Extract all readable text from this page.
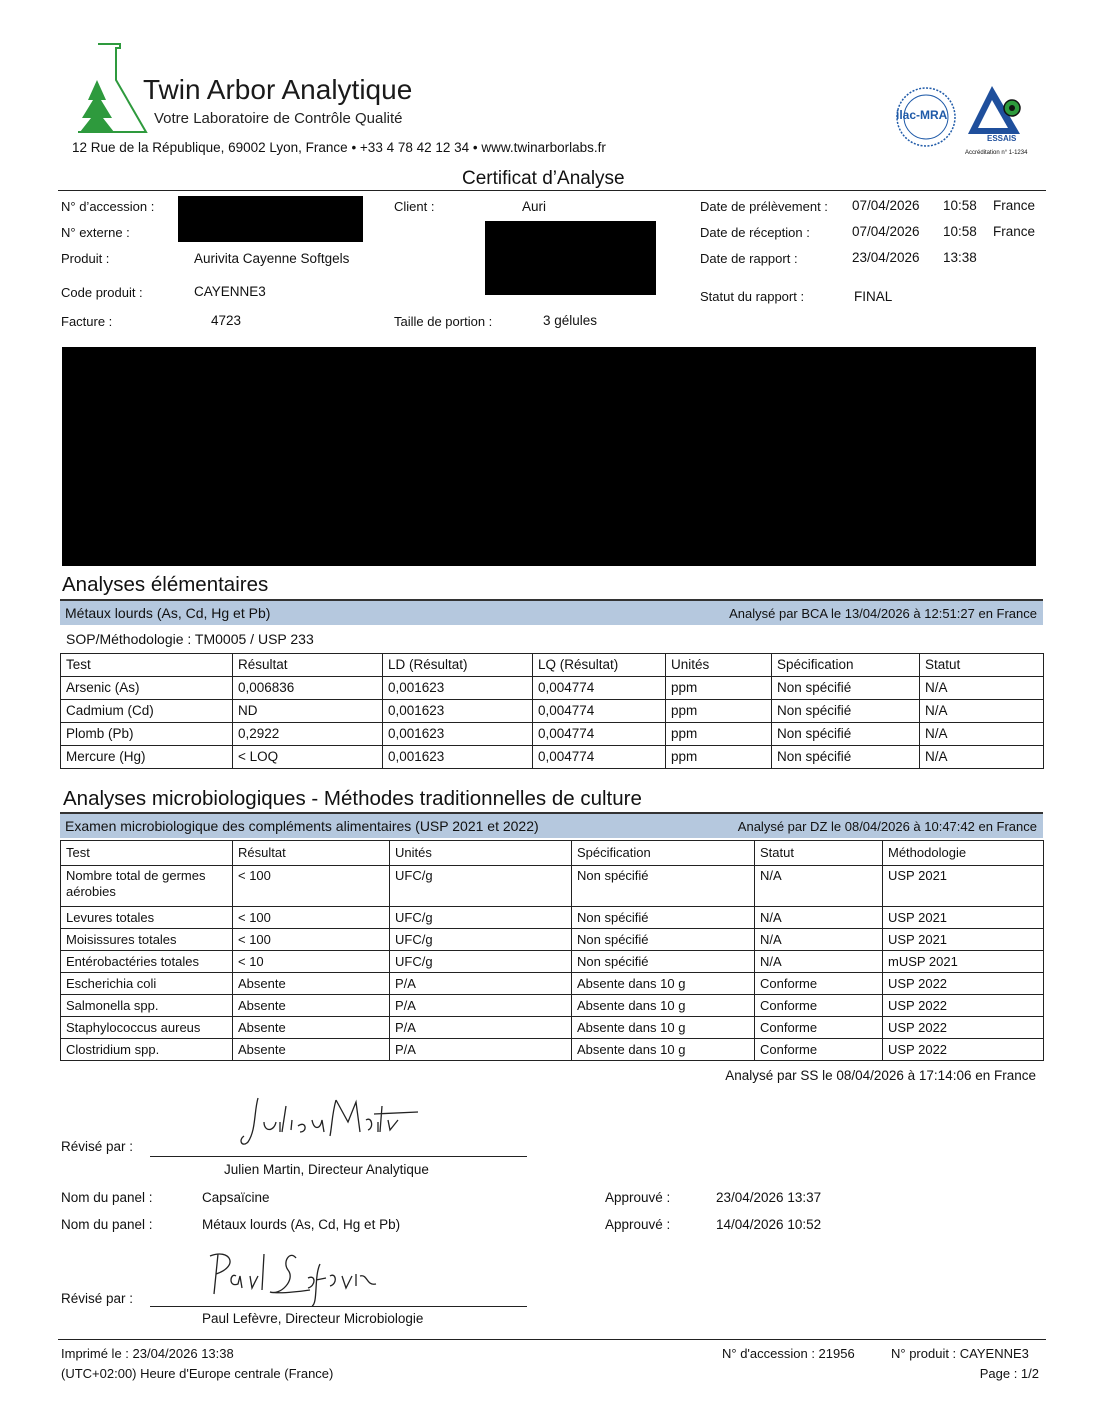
Twin Arbor Analytique
Votre Laboratoire de Contrôle Qualité
12 Rue de la République, 69002 Lyon, France • +33 4 78 42 12 34 • www.twinarborlabs.fr
ilac-MRA
ESSAIS
Accréditation n° 1-1234
Certificat d’Analyse
N° d’accession :
N° externe :
Produit :	Aurivita Cayenne Softgels
Code produit :	CAYENNE3
Facture :	4723
Client :	Auri
Taille de portion :	3 gélules
Date de prélèvement : 07/04/2026 10:58 France
Date de réception :	07/04/2026 10:58 France
Date de rapport :	23/04/2026 13:38
Statut du rapport :	FINAL
Analyses élémentaires
Métaux lourds (As, Cd, Hg et Pb)	Analysé par BCA le 13/04/2026 à 12:51:27 en France
SOP/Méthodologie : TM0005 / USP 233
Test	Résultat	LD (Résultat)	LQ (Résultat)	Unités	Spécification	Statut
Arsenic (As)	0,006836	0,001623	0,004774	ppm	Non spécifié	N/A
Cadmium (Cd)	ND	0,001623	0,004774	ppm	Non spécifié	N/A
Plomb (Pb)	0,2922	0,001623	0,004774	ppm	Non spécifié	N/A
Mercure (Hg)	< LOQ	0,001623	0,004774	ppm	Non spécifié	N/A
Analyses microbiologiques - Méthodes traditionnelles de culture
Examen microbiologique des compléments alimentaires (USP 2021 et 2022)	Analysé par DZ le 08/04/2026 à 10:47:42 en France
Test	Résultat	Unités	Spécification	Statut	Méthodologie
Nombre total de germes aérobies	< 100	UFC/g	Non spécifié	N/A	USP 2021
Levures totales	< 100	UFC/g	Non spécifié	N/A	USP 2021
Moisissures totales	< 100	UFC/g	Non spécifié	N/A	USP 2021
Entérobactéries totales	< 10	UFC/g	Non spécifié	N/A	mUSP 2021
Escherichia coli	Absente	P/A	Absente dans 10 g	Conforme	USP 2022
Salmonella spp.	Absente	P/A	Absente dans 10 g	Conforme	USP 2022
Staphylococcus aureus	Absente	P/A	Absente dans 10 g	Conforme	USP 2022
Clostridium spp.	Absente	P/A	Absente dans 10 g	Conforme	USP 2022
Analysé par SS le 08/04/2026 à 17:14:06 en France
Révisé par :
Julien Martin, Directeur Analytique
Nom du panel :	Capsaïcine	Approuvé :	23/04/2026 13:37
Nom du panel :	Métaux lourds (As, Cd, Hg et Pb)	Approuvé :	14/04/2026 10:52
Révisé par :
Paul Lefèvre, Directeur Microbiologie
Imprimé le : 23/04/2026 13:38
(UTC+02:00) Heure d'Europe centrale (France)
N° d'accession : 21956	N° produit : CAYENNE3
Page : 1/2
